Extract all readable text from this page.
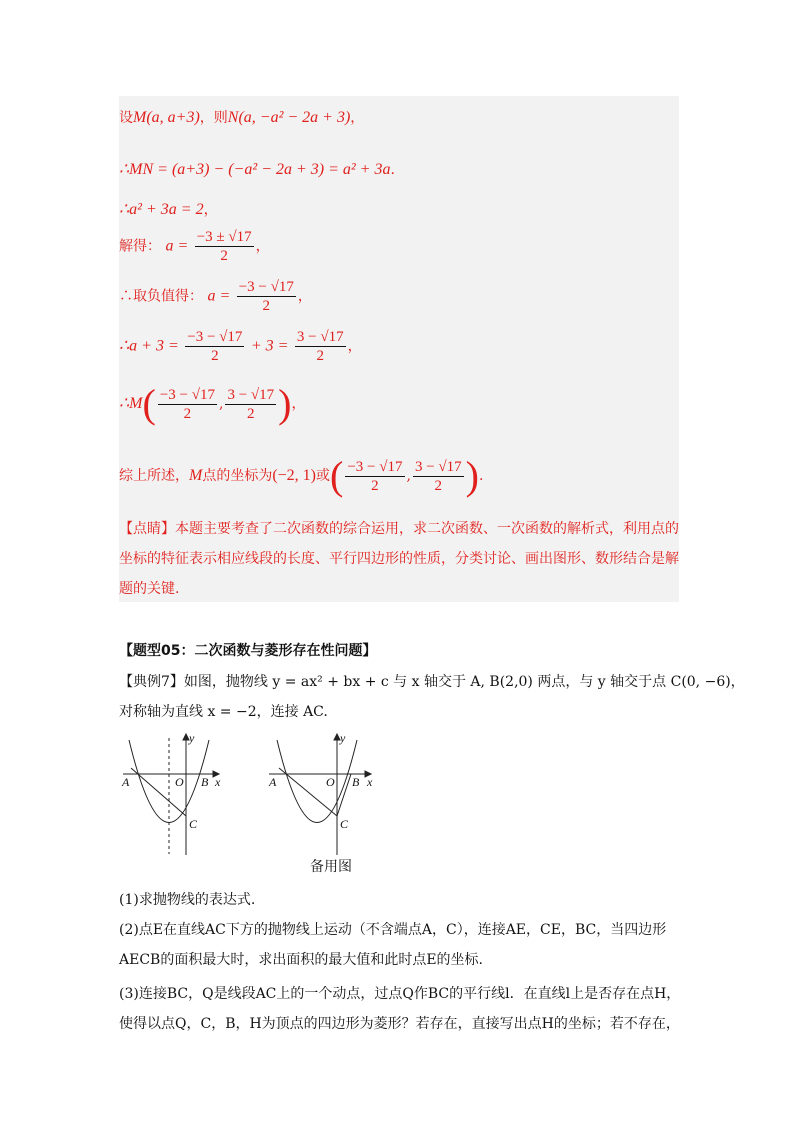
设M(a, a+3)，则N(a, −a² − 2a + 3)，
∴MN = (a+3) − (−a² − 2a + 3) = a² + 3a.
∴a² + 3a = 2，
解得： $a = \frac{-3 \pm √17}{2}$ ，
∴取负值得： $a = \frac{-3 - √17}{2}$ ，
∴a + $3 = \frac{-3 - √17}{2} + 3 = \frac{3 - √17}{2}$ ，
∴M( $\frac{-3 - √17}{2}$ , $\frac{3 - √17}{2}$ )，
综上所述，M点的坐标为(−2, 1)或( $\frac{-3 - √17}{2}$ , $\frac{3 - √17}{2}$ ).
【点睛】本题主要考查了二次函数的综合运用，求二次函数、一次函数的解析式，利用点的坐标的特征表示相应线段的长度、平行四边形的性质，分类讨论、画出图形、数形结合是解题的关键.
【题型05：二次函数与菱形存在性问题】
【典例7】如图，抛物线 y = ax² + bx + c 与 x 轴交于 A, B(2,0) 两点，与 y 轴交于点 C(0, −6)，
对称轴为直线 x = −2，连接 AC.
y
x
A	O B
C
y
x
A	O B
C
备用图
(1)求抛物线的表达式.
(2)点E在直线AC下方的抛物线上运动（不含端点A，C），连接AE，CE，BC，当四边形
AECB的面积最大时，求出面积的最大值和此时点E的坐标.
(3)连接BC，Q是线段AC上的一个动点，过点Q作BC的平行线l．在直线l上是否存在点H，
使得以点Q，C，B，H为顶点的四边形为菱形？若存在，直接写出点H的坐标；若不存在，
